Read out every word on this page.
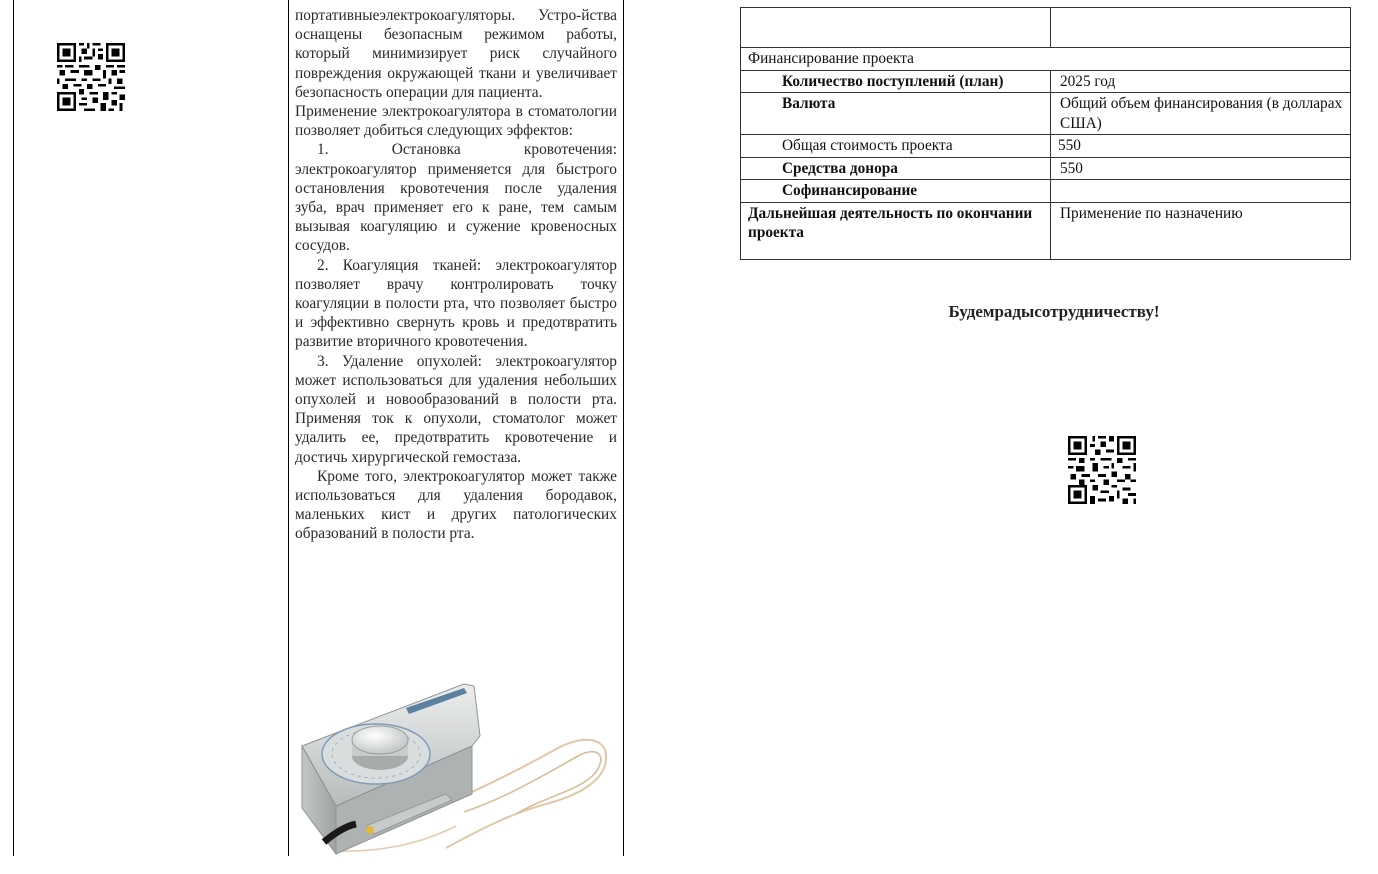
портативныеэлектрокоагуляторы. Устро-йства оснащены безопасным режимом работы, который минимизирует риск случайного повреждения окружающей ткани и увеличивает безопасность операции для пациента.

Применение электрокоагулятора в стоматологии позволяет добиться следующих эффектов:

1. Остановка кровотечения: электрокоагулятор применяется для быстрого остановления кровотечения после удаления зуба, врач применяет его к ране, тем самым вызывая коагуляцию и сужение кровеносных сосудов.

2. Коагуляция тканей: электрокоагулятор позволяет врачу контролировать точку коагуляции в полости рта, что позволяет быстро и эффективно свернуть кровь и предотвратить развитие вторичного кровотечения.

3. Удаление опухолей: электрокоагулятор может использоваться для удаления небольших опухолей и новообразований в полости рта. Применяя ток к опухоли, стоматолог может удалить ее, предотвратить кровотечение и достичь хирургической гемостаза.

Кроме того, электрокоагулятор может также использоваться для удаления бородавок, маленьких кист и других патологических образований в полости рта.

Финансирование проекта	
Количество поступлений (план)	2025 год
Валюта	Общий объем финансирования (в долларах США)
Общая стоимость проекта	550
Средства донора	550
Софинансирование	
Дальнейшая деятельность по окончании проекта	Применение по назначению
Будемрадысотрудничеству!
